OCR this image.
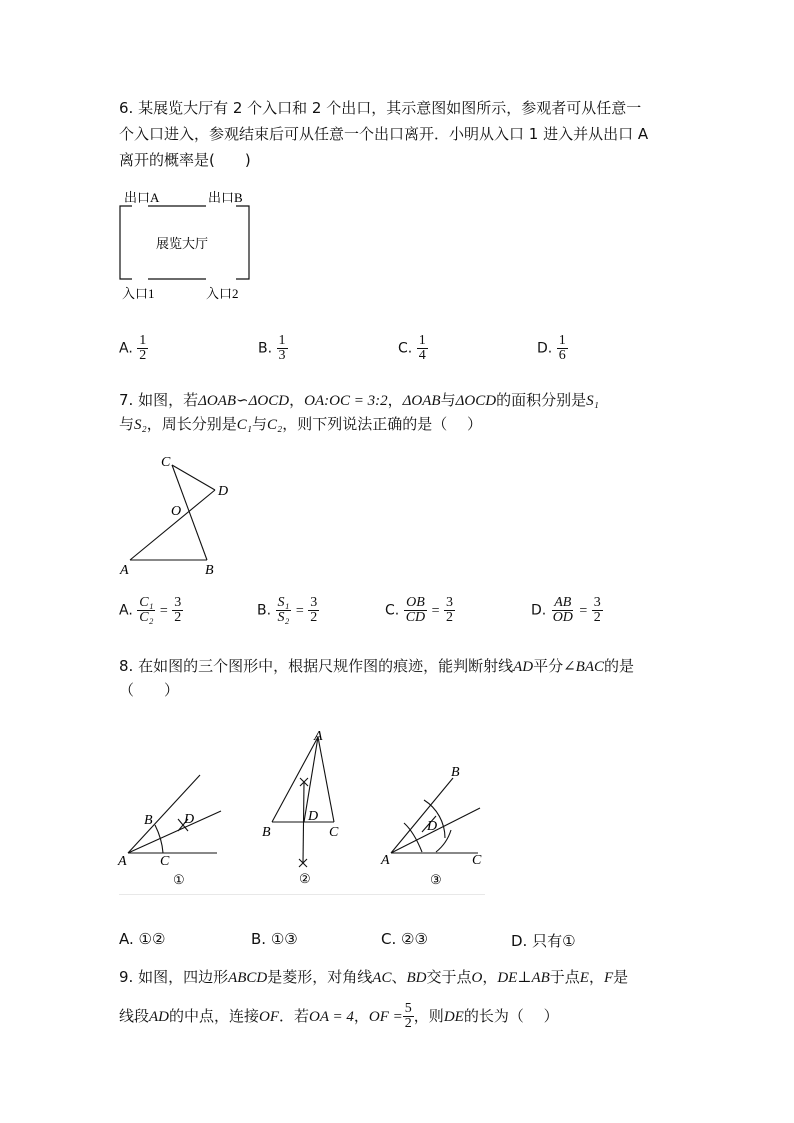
6. 某展览大厅有 2 个入口和 2 个出口，其示意图如图所示，参观者可从任意一
个入口进入，参观结束后可从任意一个出口离开．小明从入口 1 进入并从出口 A
离开的概率是(　　)
出口A	出口B
展览大厅
入口1	入口2
A. $\frac{1}{2}$	B. $\frac{1}{3}$	C. $\frac{1}{4}$	D. $\frac{1}{6}$
7. 如图，若ΔOAB∽ΔOCD，OA:OC = 3:2，ΔOAB与ΔOCD的面积分别是S₁
与S₂，周长分别是C₁与C₂，则下列说法正确的是（　 ）
C
D
O
A	B
A. $\frac{\text{C₁}}{\text{C₂}} = \frac{3}{2}$	B. $\frac{\text{S₁}}{\text{S₂}} = \frac{3}{2}$	C. $\frac{OB}{CD} = \frac{3}{2}$	D. $\frac{AB}{OD} = \frac{3}{2}$
8. 在如图的三个图形中，根据尺规作图的痕迹，能判断射线AD平分∠BAC的是
（　　）
B D
A C
①
A
B
D
C
②
B
D
A	C
③
A. ①②	B. ①③	C. ②③	D. 只有①
9. 如图，四边形ABCD是菱形，对角线AC、BD交于点O，DE⊥AB于点E，F是
线段AD的中点，连接OF．若OA = 4，OF = $\frac{5}{2}$ ，则DE的长为（　 ）
